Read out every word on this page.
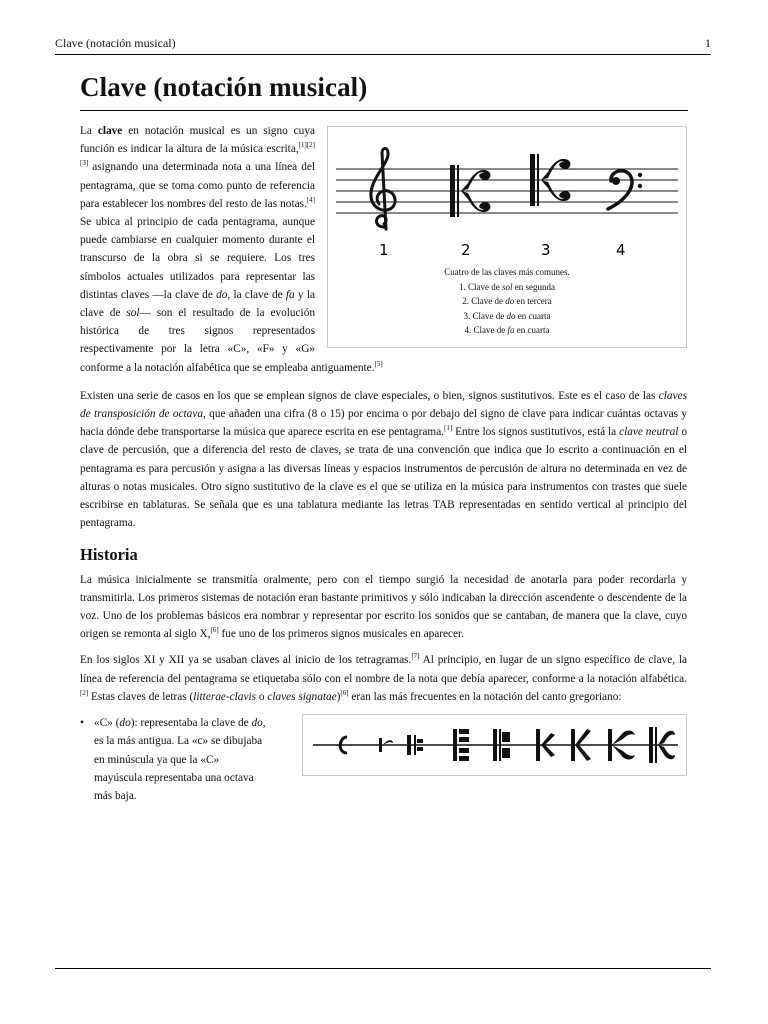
Clave (notación musical)	1
Clave (notación musical)
1	2	3	4
Cuatro de las claves más comunes.
1. Clave de sol en segunda
2. Clave de do en tercera
3. Clave de do en cuarta
4. Clave de fa en cuarta

La clave en notación musical es un signo cuya función es indicar la altura de la música escrita,[1][2][3] asignando una determinada nota a una línea del pentagrama, que se toma como punto de referencia para establecer los nombres del resto de las notas.[4] Se ubica al principio de cada pentagrama, aunque puede cambiarse en cualquier momento durante el transcurso de la obra si se requiere. Los tres símbolos actuales utilizados para representar las distintas claves —la clave de do, la clave de fa y la clave de sol— son el resultado de la evolución histórica de tres signos representados respectivamente por la letra «C», «F» y «G» conforme a la notación alfabética que se empleaba antiguamente.[5]

Existen una serie de casos en los que se emplean signos de clave especiales, o bien, signos sustitutivos. Este es el caso de las claves de transposición de octava, que añaden una cifra (8 o 15) por encima o por debajo del signo de clave para indicar cuántas octavas y hacia dónde debe transportarse la música que aparece escrita en ese pentagrama.[1] Entre los signos sustitutivos, está la clave neutral o clave de percusión, que a diferencia del resto de claves, se trata de una convención que indica que lo escrito a continuación en el pentagrama es para percusión y asigna a las diversas líneas y espacios instrumentos de percusión de altura no determinada en vez de alturas o notas musicales. Otro signo sustitutivo de la clave es el que se utiliza en la música para instrumentos con trastes que suele escribirse en tablaturas. Se señala que es una tablatura mediante las letras TAB representadas en sentido vertical al principio del pentagrama.

Historia

La música inicialmente se transmitía oralmente, pero con el tiempo surgió la necesidad de anotarla para poder recordarla y transmitirla. Los primeros sistemas de notación eran bastante primitivos y sólo indicaban la dirección ascendente o descendente de la voz. Uno de los problemas básicos era nombrar y representar por escrito los sonidos que se cantaban, de manera que la clave, cuyo origen se remonta al siglo X,[6] fue uno de los primeros signos musicales en aparecer.

En los siglos XI y XII ya se usaban claves al inicio de los tetragramas.[7] Al principio, en lugar de un signo específico de clave, la línea de referencia del pentagrama se etiquetaba sólo con el nombre de la nota que debía aparecer, conforme a la notación alfabética.[2] Estas claves de letras (litterae-clavis o claves signatae)[6] eran las más frecuentes en la notación del canto gregoriano:

• «C» (do): representaba la clave de do, es la más antigua. La «c» se dibujaba en minúscula ya que la «C» mayúscula representaba una octava más baja.
